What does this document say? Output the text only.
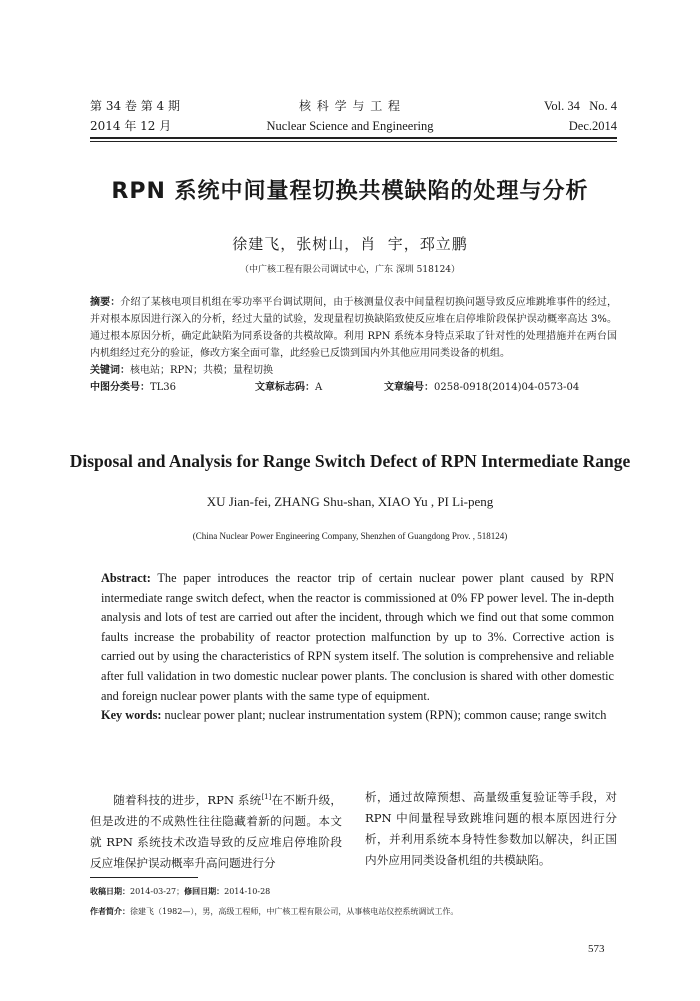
第 34 卷 第 4 期
2014 年 12 月
核 科 学 与 工 程
Nuclear Science and Engineering
Vol. 34   No. 4
Dec.2014
RPN 系统中间量程切换共模缺陷的处理与分析
徐建飞，张树山，肖  宇，邳立鹏
（中广核工程有限公司调试中心，广东 深圳 518124）
摘要：介绍了某核电项目机组在零功率平台调试期间，由于核测量仪表中间量程切换问题导致反应堆跳堆事件的经过，并对根本原因进行深入的分析，经过大量的试验，发现量程切换缺陷致使反应堆在启停堆阶段保护误动概率高达 3%。通过根本原因分析，确定此缺陷为同系设备的共模故障。利用 RPN 系统本身特点采取了针对性的处理措施并在两台国内机组经过充分的验证，修改方案全面可靠，此经验已反馈到国内外其他应用同类设备的机组。
关键词：核电站；RPN；共模；量程切换
中图分类号：TL36	文章标志码：A	文章编号：0258-0918(2014)04-0573-04
Disposal and Analysis for Range Switch Defect of RPN Intermediate Range
XU Jian-fei, ZHANG Shu-shan, XIAO Yu , PI Li-peng
(China Nuclear Power Engineering Company, Shenzhen of Guangdong Prov. , 518124)
Abstract: The paper introduces the reactor trip of certain nuclear power plant caused by RPN intermediate range switch defect, when the reactor is commissioned at 0% FP power level. The in-depth analysis and lots of test are carried out after the incident, through which we find out that some common faults increase the probability of reactor protection malfunction by up to 3%. Corrective action is carried out by using the characteristics of RPN system itself. The solution is comprehensive and reliable after full validation in two domestic nuclear power plants. The conclusion is shared with other domestic and foreign nuclear power plants with the same type of equipment.
Key words: nuclear power plant; nuclear instrumentation system (RPN); common cause; range switch
随着科技的进步，RPN 系统[1]在不断升级，但是改进的不成熟性往往隐藏着新的问题。本文就 RPN 系统技术改造导致的反应堆启停堆阶段反应堆保护误动概率升高问题进行分
析，通过故障预想、高量级重复验证等手段，对 RPN 中间量程导致跳堆问题的根本原因进行分析，并利用系统本身特性参数加以解决，纠正国内外应用同类设备机组的共模缺陷。
收稿日期：2014-03-27；修回日期：2014-10-28
作者简介：徐建飞（1982—），男，高级工程师，中广核工程有限公司，从事核电站仪控系统调试工作。
573
